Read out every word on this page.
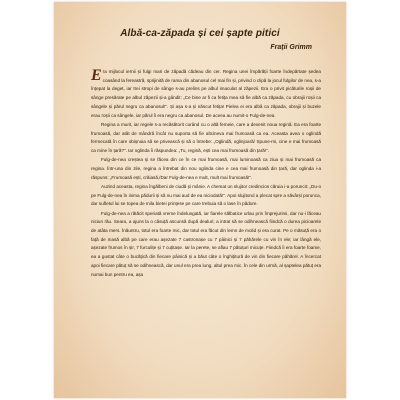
Albă-ca-zăpada și cei șapte pitici
Frații Grimm

Era mijlocul iernii și fulgi mari de zăpadă cădeau din cer. Regina unei împărății foarte îndepărtate ședea coasând la fereastră, sprijinită de rama din abanosul cel mai fin și, privind o clipă la jocul fulgilor de nea, s-a înțepat la deget, iar trei stropi de sânge s-au prelins pe albul imaculat al zăpezii. Era o privit picăturile roșii de sânge presărate pe albul zăpezii și-a gândit: „Ce bine ar fi ca fetița mea să fie albă ca zăpada, cu obrajii roșii ca sângele și părul negru ca abanosul!". Și așa s-a și născut fetița! Pielea ei era albă ca zăpada, obrajii și buzele erau roșii ca sângele, iar părul îi era negru ca abanosul. De aceea au numit-o Fulg-de-nea.

Regina a murit, iar regele s-a recăsătorit curând cu o altă femeie, care a devenit noua regină. Ea era foarte frumoasă, dar atât de mândră încât nu suporta să fie altcineva mai frumoasă ca ea. Aceasta avea o oglindă fermecată în care obișnuia să se privească și să o întrebe: „Oglindă, oglinjoară/ Spune-mi, cine e mai frumoasă ca mine în țară?". Iar oglinda îi răspundea: „Tu, regină, ești cea mai frumoasă din țară!".

Fulg-de-nea creștea și se făcea din ce în ce mai frumoasă, mai luminoasă ca ziua și mai frumoasă ca regina. Într-una din zile, regina a întrebat din nou oglinda cine e cea mai frumoasă din țară, dar oglinda i-a răspuns: „Frumoasă ești, crăiasă,/Dar Fulg-de-nea e mult, mult mai frumoasă!".

Auzind aceasta, regina îngălbeni de ciudă și mânie. A chemat un slujitor credincios căruia i-a poruncit: „Du-o pe Fulg-de-nea în inima pădurii și să nu mai aud de ea niciodată!". Apoi slujitorul a plecat spre a săvârși porunca, dar sufletul lui se topea de mila bietei prințese pe care trebuia să o lase în pădure.

Fulg-de-nea a rătăcit speriată vreme îndelungată, iar fiarele sălbatice urlau prin împrejurimi, dar nu-i făceau niciun rău. Seara, a ajuns la o căsuță ascunsă după dealuri; a intrat să se odihnească fiindcă o durea picioarele de atâta mers. Înăuntru, totul era foarte mic, dar totul era făcut din lemn de molid și era curat. Pe o măsuță era o față de masă albă pe care erau așezate 7 castronașe cu 7 pâinici și 7 păhărele cu vin în ele; iar lângă ele, așezate frumos în șir, 7 furculițe și 7 cuțitașe. Iar la perete, se aflau 7 pătuțuri micuțe. Fiindcă îi era foarte foame, ea a gustat câte o bucățică din fiecare pâinică și a băut câte o înghițitură de vin din fiecare păhărel. A încercat apoi fiecare pătuț să se odihnească, dar unul era prea lung, altul prea mic. În cele din urmă, al șaptelea pătuț era numai bun pentru ea, așa
